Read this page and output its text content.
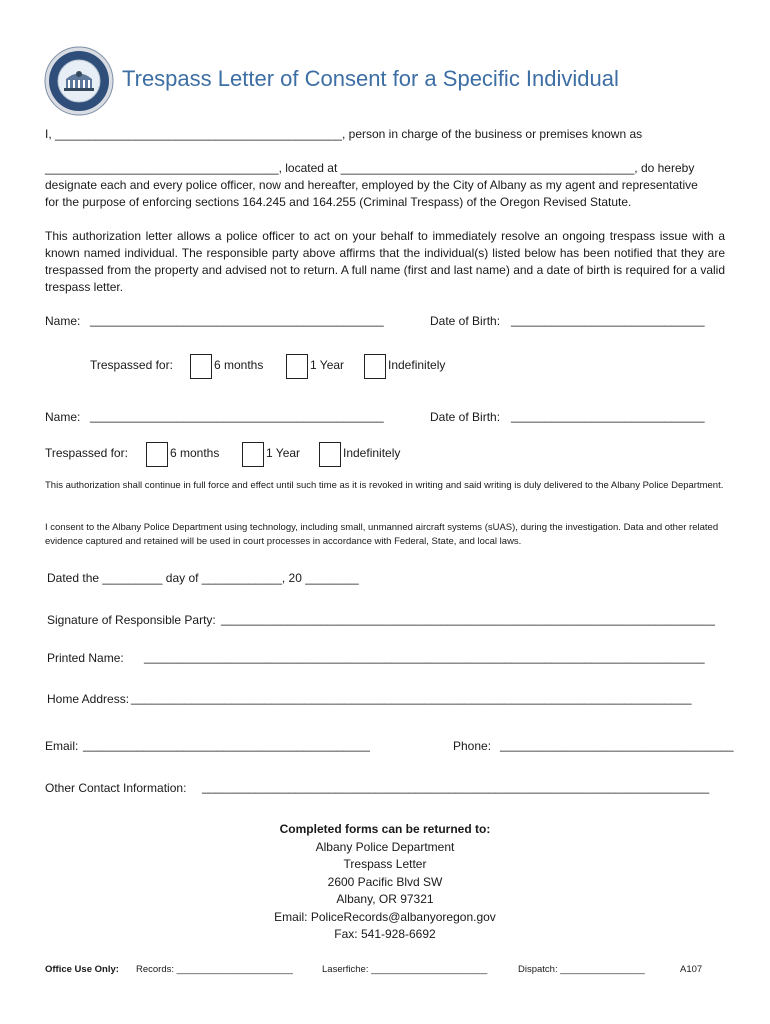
Trespass Letter of Consent for a Specific Individual
I, ___________________________________________, person in charge of the business or premises known as
___________________________________, located at ____________________________________________, do hereby
designate each and every police officer, now and hereafter, employed by the City of Albany as my agent and representative
for the purpose of enforcing sections 164.245 and 164.255 (Criminal Trespass) of the Oregon Revised Statute.
This authorization letter allows a police officer to act on your behalf to immediately resolve an ongoing trespass issue with a known named individual. The responsible party above affirms that the individual(s) listed below has been notified that they are trespassed from the property and advised not to return. A full name (first and last name) and a date of birth is required for a valid trespass letter.
Name: ____________________________________________	Date of Birth: _____________________________
Trespassed for:	6 months	1 Year	Indefinitely
Name: ____________________________________________	Date of Birth: _____________________________
Trespassed for:	6 months	1 Year	Indefinitely
This authorization shall continue in full force and effect until such time as it is revoked in writing and said writing is duly delivered to the Albany Police Department.
I consent to the Albany Police Department using technology, including small, unmanned aircraft systems (sUAS), during the investigation. Data and other related evidence captured and retained will be used in court processes in accordance with Federal, State, and local laws.
Dated the _________ day of ____________, 20 ________
Signature of Responsible Party: __________________________________________________________________________
Printed Name: ____________________________________________________________________________________
Home Address: ____________________________________________________________________________________
Email: ___________________________________________	Phone: ___________________________________
Other Contact Information: ____________________________________________________________________________
Completed forms can be returned to:
Albany Police Department
Trespass Letter
2600 Pacific Blvd SW
Albany, OR 97321
Email: PoliceRecords@albanyoregon.gov
Fax: 541-928-6692
Office Use Only: Records: ______________________	Laserfiche: ______________________	Dispatch: ________________	A107
